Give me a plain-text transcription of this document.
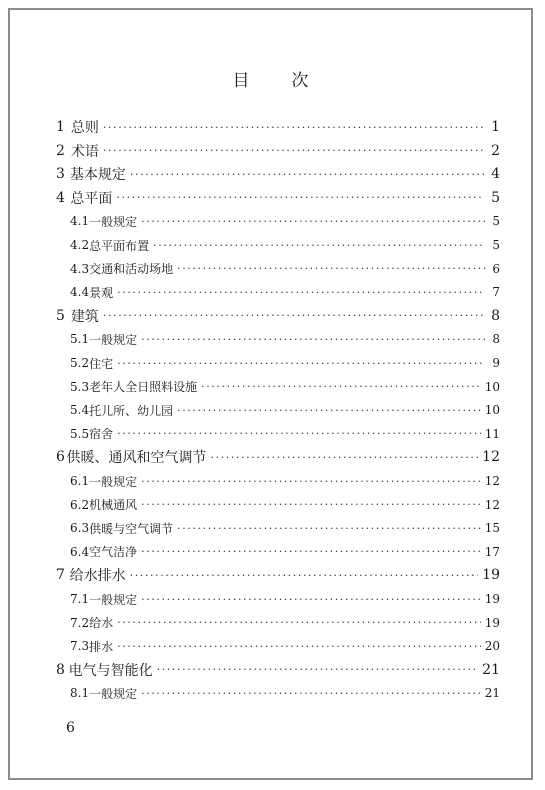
目 次
1 总则 ·····	1
2 术语 ·····	2
3 基本规定 ·····	4
4 总平面 ·····	5
4.1 一般规定 ·····	5
4.2 总平面布置 ·····	5
4.3 交通和活动场地 ·····	6
4.4 景观 ·····	7
5 建筑 ·····	8
5.1 一般规定 ·····	8
5.2 住宅 ·····	9
5.3 老年人全日照料设施 ·····	10
5.4 托儿所、幼儿园 ·····	10
5.5 宿舍 ·····	11
6 供暖、通风和空气调节 ·····	12
6.1 一般规定 ·····	12
6.2 机械通风 ·····	12
6.3 供暖与空气调节 ·····	15
6.4 空气洁净 ·····	17
7 给水排水 ·····	19
7.1 一般规定 ·····	19
7.2 给水 ·····	19
7.3 排水 ·····	20
8 电气与智能化 ·····	21
8.1 一般规定 ·····	21
6
